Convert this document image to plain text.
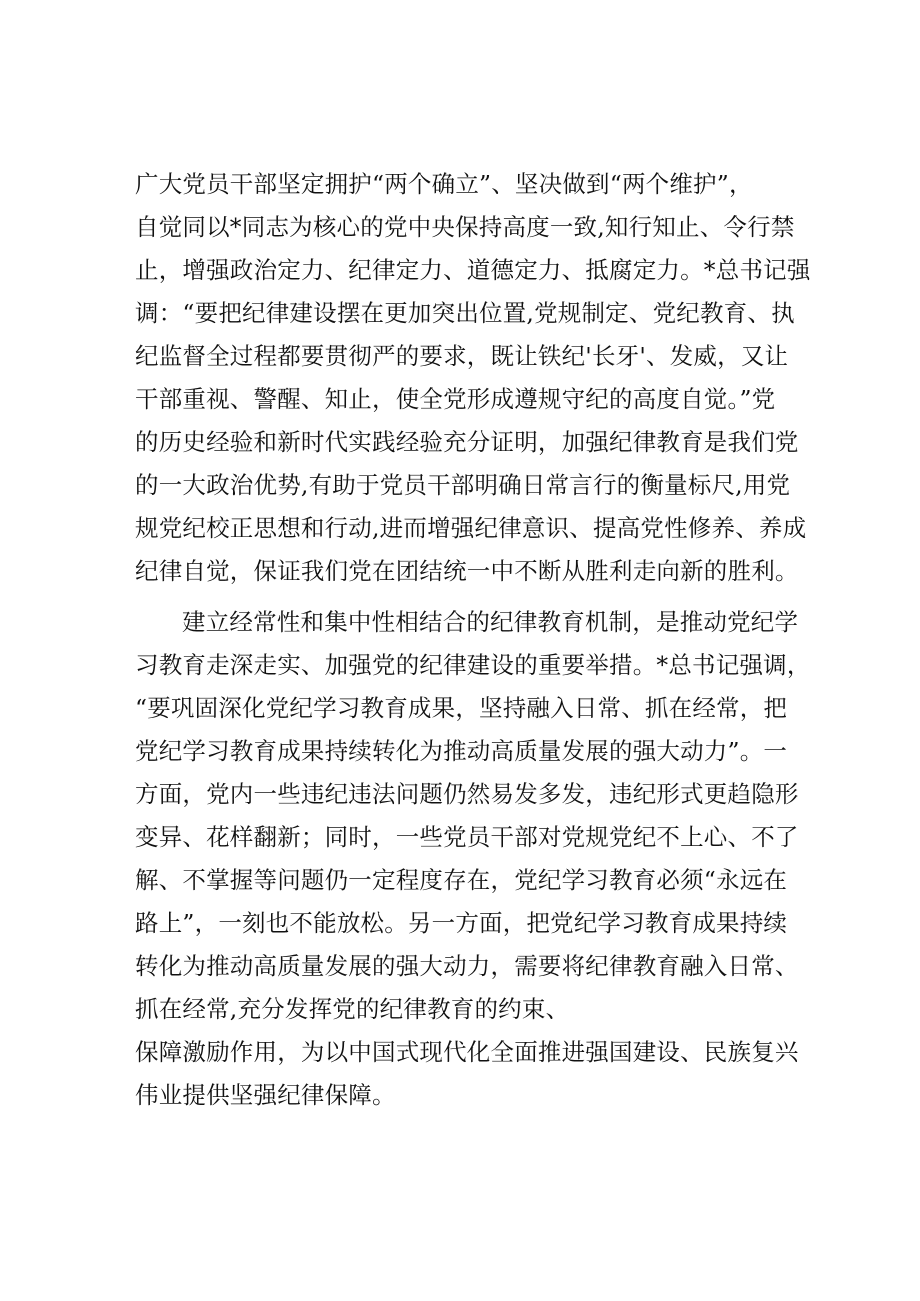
广大党员干部坚定拥护“两个确立”、坚决做到“两个维护”，
自觉同以*同志为核心的党中央保持高度一致,知行知止、令行禁
止，增强政治定力、纪律定力、道德定力、抵腐定力。*总书记强
调：“要把纪律建设摆在更加突出位置,党规制定、党纪教育、执
纪监督全过程都要贯彻严的要求，既让铁纪'长牙'、发威，又让
干部重视、警醒、知止，使全党形成遵规守纪的高度自觉。”党
的历史经验和新时代实践经验充分证明，加强纪律教育是我们党
的一大政治优势,有助于党员干部明确日常言行的衡量标尺,用党
规党纪校正思想和行动,进而增强纪律意识、提高党性修养、养成
纪律自觉，保证我们党在团结统一中不断从胜利走向新的胜利。
建立经常性和集中性相结合的纪律教育机制，是推动党纪学
习教育走深走实、加强党的纪律建设的重要举措。*总书记强调，
“要巩固深化党纪学习教育成果，坚持融入日常、抓在经常，把
党纪学习教育成果持续转化为推动高质量发展的强大动力”。一
方面，党内一些违纪违法问题仍然易发多发，违纪形式更趋隐形
变异、花样翻新；同时，一些党员干部对党规党纪不上心、不了
解、不掌握等问题仍一定程度存在，党纪学习教育必须“永远在
路上”，一刻也不能放松。另一方面，把党纪学习教育成果持续
转化为推动高质量发展的强大动力，需要将纪律教育融入日常、
抓在经常,充分发挥党的纪律教育的约束、
保障激励作用，为以中国式现代化全面推进强国建设、民族复兴
伟业提供坚强纪律保障。
